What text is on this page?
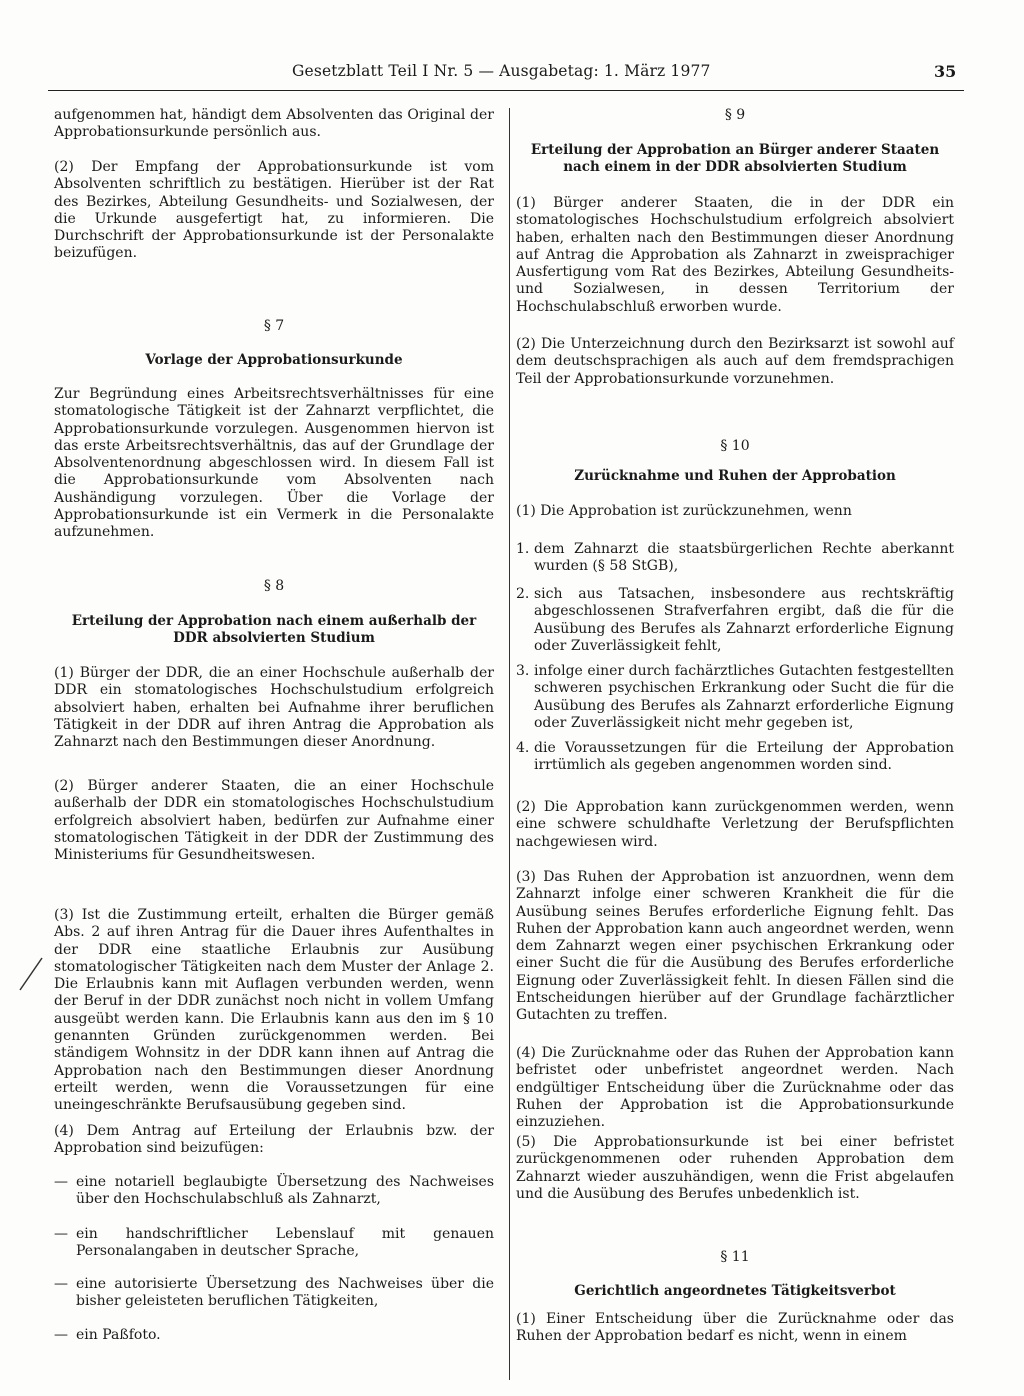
Gesetzblatt Teil I Nr. 5 — Ausgabetag: 1. März 1977	35

aufgenommen hat, händigt dem Absolventen das Original der Approbationsurkunde persönlich aus.

(2) Der Empfang der Approbationsurkunde ist vom Absolventen schriftlich zu bestätigen. Hierüber ist der Rat des Bezirkes, Abteilung Gesundheits- und Sozialwesen, der die Urkunde ausgefertigt hat, zu informieren. Die Durchschrift der Approbationsurkunde ist der Personalakte beizufügen.

§ 7
Vorlage der Approbationsurkunde

Zur Begründung eines Arbeitsrechtsverhältnisses für eine stomatologische Tätigkeit ist der Zahnarzt verpflichtet, die Approbationsurkunde vorzulegen. Ausgenommen hiervon ist das erste Arbeitsrechtsverhältnis, das auf der Grundlage der Absolventenordnung abgeschlossen wird. In diesem Fall ist die Approbationsurkunde vom Absolventen nach Aushändigung vorzulegen. Über die Vorlage der Approbationsurkunde ist ein Vermerk in die Personalakte aufzunehmen.

§ 8
Erteilung der Approbation nach einem außerhalb der DDR absolvierten Studium

(1) Bürger der DDR, die an einer Hochschule außerhalb der DDR ein stomatologisches Hochschulstudium erfolgreich absolviert haben, erhalten bei Aufnahme ihrer beruflichen Tätigkeit in der DDR auf ihren Antrag die Approbation als Zahnarzt nach den Bestimmungen dieser Anordnung.

(2) Bürger anderer Staaten, die an einer Hochschule außerhalb der DDR ein stomatologisches Hochschulstudium erfolgreich absolviert haben, bedürfen zur Aufnahme einer stomatologischen Tätigkeit in der DDR der Zustimmung des Ministeriums für Gesundheitswesen.

(3) Ist die Zustimmung erteilt, erhalten die Bürger gemäß Abs. 2 auf ihren Antrag für die Dauer ihres Aufenthaltes in der DDR eine staatliche Erlaubnis zur Ausübung stomatologischer Tätigkeiten nach dem Muster der Anlage 2. Die Erlaubnis kann mit Auflagen verbunden werden, wenn der Beruf in der DDR zunächst noch nicht in vollem Umfang ausgeübt werden kann. Die Erlaubnis kann aus den im § 10 genannten Gründen zurückgenommen werden. Bei ständigem Wohnsitz in der DDR kann ihnen auf Antrag die Approbation nach den Bestimmungen dieser Anordnung erteilt werden, wenn die Voraussetzungen für eine uneingeschränkte Berufsausübung gegeben sind.

(4) Dem Antrag auf Erteilung der Erlaubnis bzw. der Approbation sind beizufügen:

— eine notariell beglaubigte Übersetzung des Nachweises über den Hochschulabschluß als Zahnarzt,

— ein handschriftlicher Lebenslauf mit genauen Personalangaben in deutscher Sprache,

— eine autorisierte Übersetzung des Nachweises über die bisher geleisteten beruflichen Tätigkeiten,

— ein Paßfoto.

§ 9
Erteilung der Approbation an Bürger anderer Staaten nach einem in der DDR absolvierten Studium

(1) Bürger anderer Staaten, die in der DDR ein stomatologisches Hochschulstudium erfolgreich absolviert haben, erhalten nach den Bestimmungen dieser Anordnung auf Antrag die Approbation als Zahnarzt in zweisprachiger Ausfertigung vom Rat des Bezirkes, Abteilung Gesundheits- und Sozialwesen, in dessen Territorium der Hochschulabschluß erworben wurde.

(2) Die Unterzeichnung durch den Bezirksarzt ist sowohl auf dem deutschsprachigen als auch auf dem fremdsprachigen Teil der Approbationsurkunde vorzunehmen.

§ 10
Zurücknahme und Ruhen der Approbation

(1) Die Approbation ist zurückzunehmen, wenn

1. dem Zahnarzt die staatsbürgerlichen Rechte aberkannt wurden (§ 58 StGB),

2. sich aus Tatsachen, insbesondere aus rechtskräftig abgeschlossenen Strafverfahren ergibt, daß die für die Ausübung des Berufes als Zahnarzt erforderliche Eignung oder Zuverlässigkeit fehlt,

3. infolge einer durch fachärztliches Gutachten festgestellten schweren psychischen Erkrankung oder Sucht die für die Ausübung des Berufes als Zahnarzt erforderliche Eignung oder Zuverlässigkeit nicht mehr gegeben ist,

4. die Voraussetzungen für die Erteilung der Approbation irrtümlich als gegeben angenommen worden sind.

(2) Die Approbation kann zurückgenommen werden, wenn eine schwere schuldhafte Verletzung der Berufspflichten nachgewiesen wird.

(3) Das Ruhen der Approbation ist anzuordnen, wenn dem Zahnarzt infolge einer schweren Krankheit die für die Ausübung seines Berufes erforderliche Eignung fehlt. Das Ruhen der Approbation kann auch angeordnet werden, wenn dem Zahnarzt wegen einer psychischen Erkrankung oder einer Sucht die für die Ausübung des Berufes erforderliche Eignung oder Zuverlässigkeit fehlt. In diesen Fällen sind die Entscheidungen hierüber auf der Grundlage fachärztlicher Gutachten zu treffen.

(4) Die Zurücknahme oder das Ruhen der Approbation kann befristet oder unbefristet angeordnet werden. Nach endgültiger Entscheidung über die Zurücknahme oder das Ruhen der Approbation ist die Approbationsurkunde einzuziehen.

(5) Die Approbationsurkunde ist bei einer befristet zurückgenommenen oder ruhenden Approbation dem Zahnarzt wieder auszuhändigen, wenn die Frist abgelaufen und die Ausübung des Berufes unbedenklich ist.

§ 11
Gerichtlich angeordnetes Tätigkeitsverbot

(1) Einer Entscheidung über die Zurücknahme oder das Ruhen der Approbation bedarf es nicht, wenn in einem
